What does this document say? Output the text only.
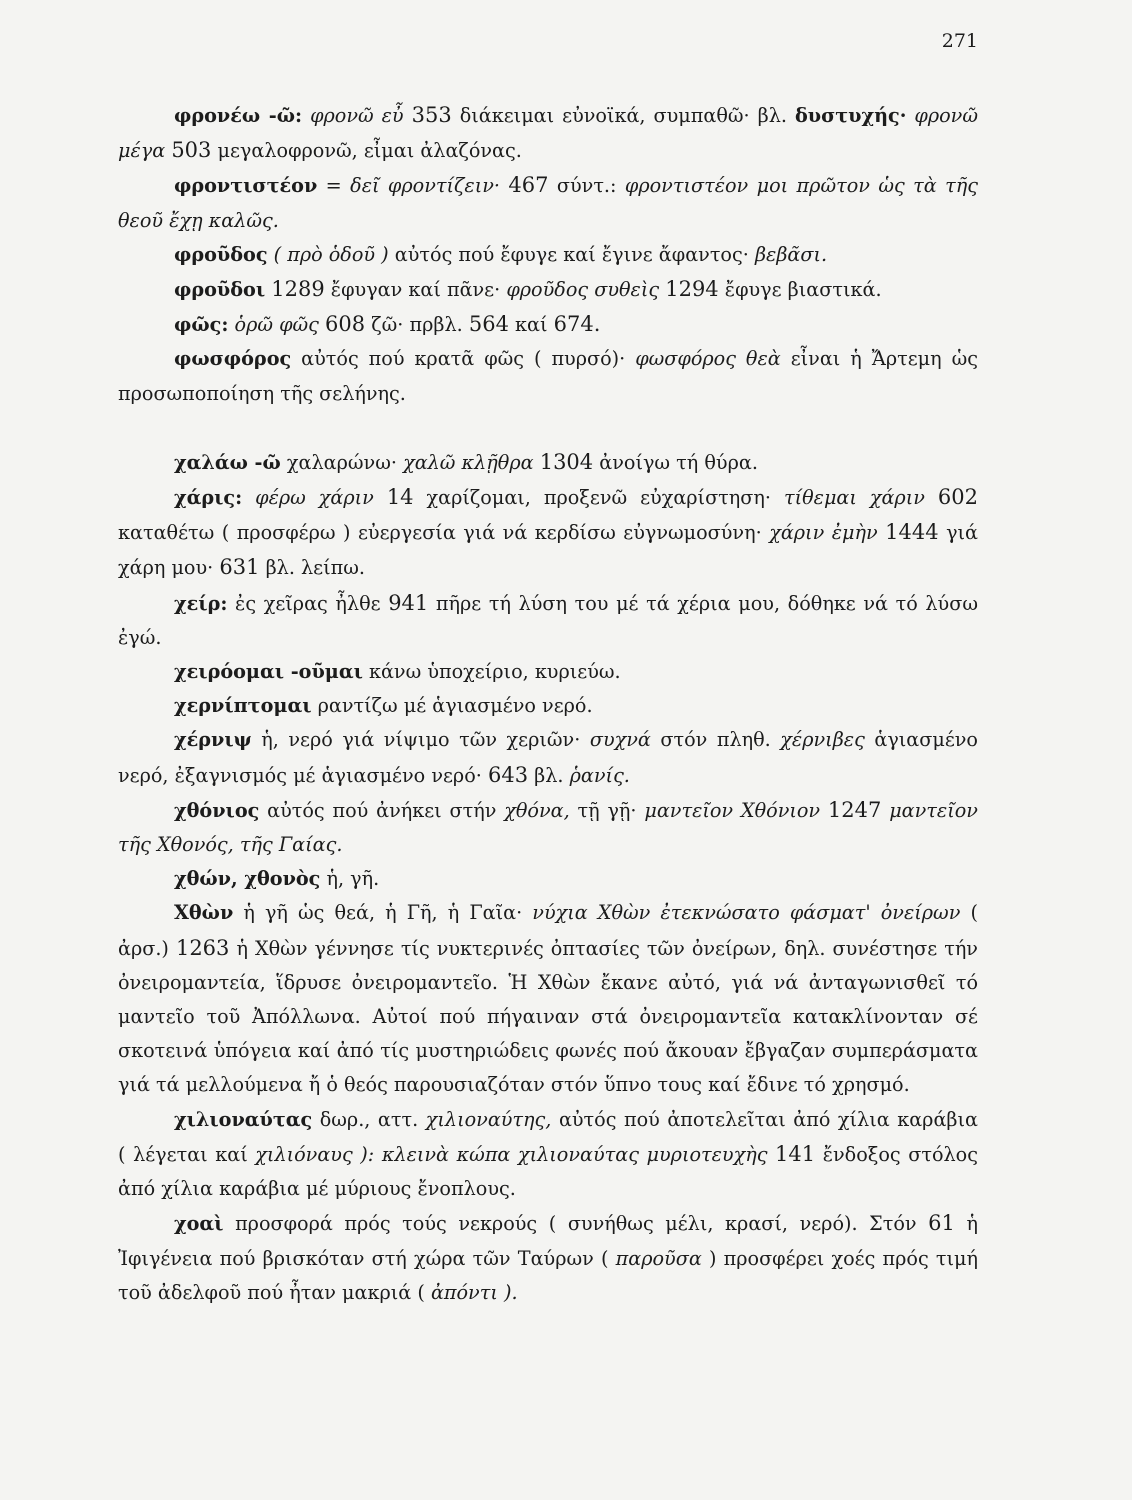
271

φρονέω -ῶ: φρονῶ εὖ 353 διάκειμαι εὐνοϊκά, συμπαθῶ· βλ. δυστυχής· φρονῶ μέγα 503 μεγαλοφρονῶ, εἶμαι ἀλαζόνας.

φροντιστέον = δεῖ φροντίζειν· 467 σύντ.: φροντιστέον μοι πρῶτον ὡς τὰ τῆς θεοῦ ἔχῃ καλῶς.

φροῦδος ( πρὸ ὁδοῦ ) αὐτός πού ἔφυγε καί ἔγινε ἄφαντος· βεβᾶσι.

φροῦδοι 1289 ἔφυγαν καί πᾶνε· φροῦδος συθεὶς 1294 ἔφυγε βιαστικά.

φῶς: ὁρῶ φῶς 608 ζῶ· πρβλ. 564 καί 674.

φωσφόρος αὐτός πού κρατᾶ φῶς ( πυρσό)· φωσφόρος θεὰ εἶναι ἡ Ἄρτεμη ὡς προσωποποίηση τῆς σελήνης.

χαλάω -ῶ χαλαρώνω· χαλῶ κλῇθρα 1304 ἀνοίγω τή θύρα.

χάρις: φέρω χάριν 14 χαρίζομαι, προξενῶ εὐχαρίστηση· τίθεμαι χάριν 602 καταθέτω ( προσφέρω ) εὐεργεσία γιά νά κερδίσω εὐγνωμοσύνη· χάριν ἐμὴν 1444 γιά χάρη μου· 631 βλ. λείπω.

χείρ: ἐς χεῖρας ἦλθε 941 πῆρε τή λύση του μέ τά χέρια μου, δόθηκε νά τό λύσω ἐγώ.

χειρόομαι -οῦμαι κάνω ὑποχείριο, κυριεύω.

χερνίπτομαι ραντίζω μέ ἁγιασμένο νερό.

χέρνιψ ἡ, νερό γιά νίψιμο τῶν χεριῶν· συχνά στόν πληθ. χέρνιβες ἁγιασμένο νερό, ἐξαγνισμός μέ ἁγιασμένο νερό· 643 βλ. ῥανίς.

χθόνιος αὐτός πού ἀνήκει στήν χθόνα, τῇ γῇ· μαντεῖον Χθόνιον 1247 μαντεῖον τῆς Χθονός, τῆς Γαίας.

χθών, χθονὸς ἡ, γῆ.

Χθὼν ἡ γῆ ὡς θεά, ἡ Γῆ, ἡ Γαῖα· νύχια Χθὼν ἐτεκνώσατο φάσματ' ὀνείρων ( ἀρσ.) 1263 ἡ Χθὼν γέννησε τίς νυκτερινές ὀπτασίες τῶν ὀνείρων, δηλ. συνέστησε τήν ὀνειρομαντεία, ἵδρυσε ὀνειρομαντεῖο. Ἡ Χθὼν ἔκανε αὐτό, γιά νά ἀνταγωνισθεῖ τό μαντεῖο τοῦ Ἀπόλλωνα. Αὐτοί πού πήγαιναν στά ὀνειρομαντεῖα κατακλίνονταν σέ σκοτεινά ὑπόγεια καί ἀπό τίς μυστηριώδεις φωνές πού ἄκουαν ἔβγαζαν συμπεράσματα γιά τά μελλούμενα ἤ ὁ θεός παρουσιαζόταν στόν ὕπνο τους καί ἔδινε τό χρησμό.

χιλιοναύτας δωρ., αττ. χιλιοναύτης, αὐτός πού ἀποτελεῖται ἀπό χίλια καράβια ( λέγεται καί χιλιόναυς ): κλεινὰ κώπα χιλιοναύτας μυριοτευχὴς 141 ἔνδοξος στόλος ἀπό χίλια καράβια μέ μύριους ἔνοπλους.

χοαὶ προσφορά πρός τούς νεκρούς ( συνήθως μέλι, κρασί, νερό). Στόν 61 ἡ Ἰφιγένεια πού βρισκόταν στή χώρα τῶν Ταύρων ( παροῦσα ) προσφέρει χοές πρός τιμή τοῦ ἀδελφοῦ πού ἦταν μακριά ( ἀπόντι ).
